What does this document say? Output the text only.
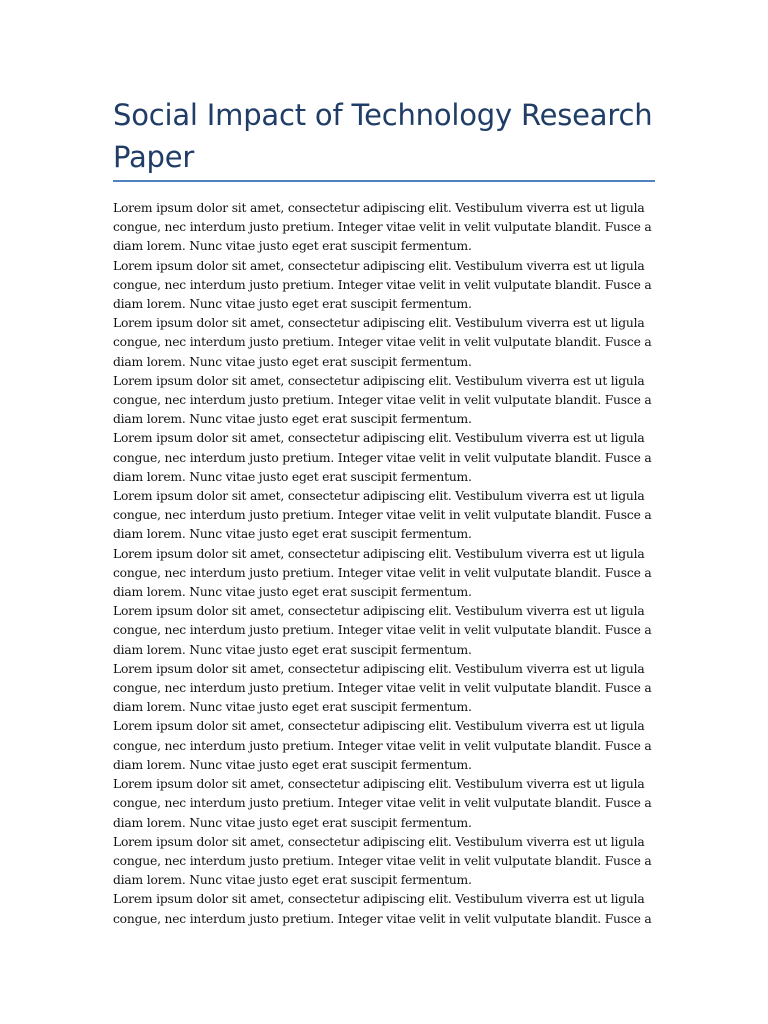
Social Impact of Technology Research Paper

Lorem ipsum dolor sit amet, consectetur adipiscing elit. Vestibulum viverra est ut ligula
congue, nec interdum justo pretium. Integer vitae velit in velit vulputate blandit. Fusce a
diam lorem. Nunc vitae justo eget erat suscipit fermentum.

Lorem ipsum dolor sit amet, consectetur adipiscing elit. Vestibulum viverra est ut ligula
congue, nec interdum justo pretium. Integer vitae velit in velit vulputate blandit. Fusce a
diam lorem. Nunc vitae justo eget erat suscipit fermentum.

Lorem ipsum dolor sit amet, consectetur adipiscing elit. Vestibulum viverra est ut ligula
congue, nec interdum justo pretium. Integer vitae velit in velit vulputate blandit. Fusce a
diam lorem. Nunc vitae justo eget erat suscipit fermentum.

Lorem ipsum dolor sit amet, consectetur adipiscing elit. Vestibulum viverra est ut ligula
congue, nec interdum justo pretium. Integer vitae velit in velit vulputate blandit. Fusce a
diam lorem. Nunc vitae justo eget erat suscipit fermentum.

Lorem ipsum dolor sit amet, consectetur adipiscing elit. Vestibulum viverra est ut ligula
congue, nec interdum justo pretium. Integer vitae velit in velit vulputate blandit. Fusce a
diam lorem. Nunc vitae justo eget erat suscipit fermentum.

Lorem ipsum dolor sit amet, consectetur adipiscing elit. Vestibulum viverra est ut ligula
congue, nec interdum justo pretium. Integer vitae velit in velit vulputate blandit. Fusce a
diam lorem. Nunc vitae justo eget erat suscipit fermentum.

Lorem ipsum dolor sit amet, consectetur adipiscing elit. Vestibulum viverra est ut ligula
congue, nec interdum justo pretium. Integer vitae velit in velit vulputate blandit. Fusce a
diam lorem. Nunc vitae justo eget erat suscipit fermentum.

Lorem ipsum dolor sit amet, consectetur adipiscing elit. Vestibulum viverra est ut ligula
congue, nec interdum justo pretium. Integer vitae velit in velit vulputate blandit. Fusce a
diam lorem. Nunc vitae justo eget erat suscipit fermentum.

Lorem ipsum dolor sit amet, consectetur adipiscing elit. Vestibulum viverra est ut ligula
congue, nec interdum justo pretium. Integer vitae velit in velit vulputate blandit. Fusce a
diam lorem. Nunc vitae justo eget erat suscipit fermentum.

Lorem ipsum dolor sit amet, consectetur adipiscing elit. Vestibulum viverra est ut ligula
congue, nec interdum justo pretium. Integer vitae velit in velit vulputate blandit. Fusce a
diam lorem. Nunc vitae justo eget erat suscipit fermentum.

Lorem ipsum dolor sit amet, consectetur adipiscing elit. Vestibulum viverra est ut ligula
congue, nec interdum justo pretium. Integer vitae velit in velit vulputate blandit. Fusce a
diam lorem. Nunc vitae justo eget erat suscipit fermentum.

Lorem ipsum dolor sit amet, consectetur adipiscing elit. Vestibulum viverra est ut ligula
congue, nec interdum justo pretium. Integer vitae velit in velit vulputate blandit. Fusce a
diam lorem. Nunc vitae justo eget erat suscipit fermentum.

Lorem ipsum dolor sit amet, consectetur adipiscing elit. Vestibulum viverra est ut ligula
congue, nec interdum justo pretium. Integer vitae velit in velit vulputate blandit. Fusce a
